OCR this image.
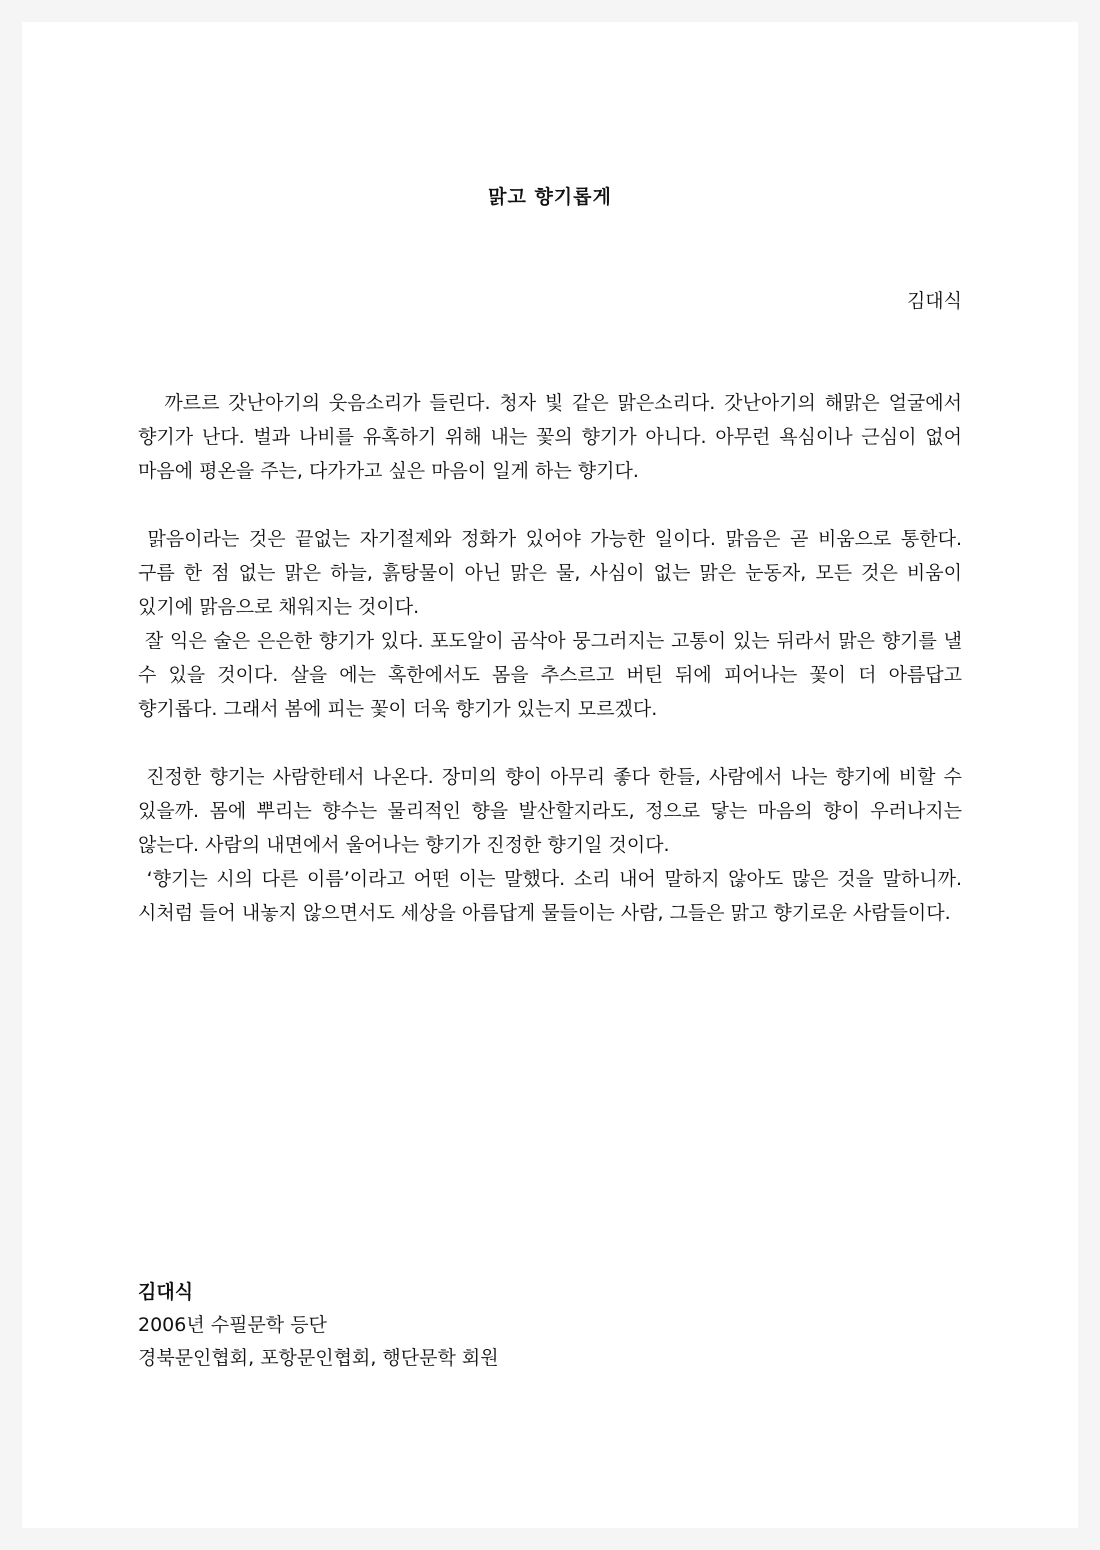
맑고 향기롭게
김대식

까르르 갓난아기의 웃음소리가 들린다. 청자 빛 같은 맑은소리다. 갓난아기의 해맑은 얼굴에서 향기가 난다. 벌과 나비를 유혹하기 위해 내는 꽃의 향기가 아니다. 아무런 욕심이나 근심이 없어 마음에 평온을 주는, 다가가고 싶은 마음이 일게 하는 향기다.

맑음이라는 것은 끝없는 자기절제와 정화가 있어야 가능한 일이다. 맑음은 곧 비움으로 통한다. 구름 한 점 없는 맑은 하늘, 흙탕물이 아닌 맑은 물, 사심이 없는 맑은 눈동자, 모든 것은 비움이 있기에 맑음으로 채워지는 것이다.

잘 익은 술은 은은한 향기가 있다. 포도알이 곰삭아 뭉그러지는 고통이 있는 뒤라서 맑은 향기를 낼 수 있을 것이다. 살을 에는 혹한에서도 몸을 추스르고 버틴 뒤에 피어나는 꽃이 더 아름답고 향기롭다. 그래서 봄에 피는 꽃이 더욱 향기가 있는지 모르겠다.

진정한 향기는 사람한테서 나온다. 장미의 향이 아무리 좋다 한들, 사람에서 나는 향기에 비할 수 있을까. 몸에 뿌리는 향수는 물리적인 향을 발산할지라도, 정으로 닿는 마음의 향이 우러나지는 않는다. 사람의 내면에서 울어나는 향기가 진정한 향기일 것이다.

‘향기는 시의 다른 이름’이라고 어떤 이는 말했다. 소리 내어 말하지 않아도 많은 것을 말하니까. 시처럼 들어 내놓지 않으면서도 세상을 아름답게 물들이는 사람, 그들은 맑고 향기로운 사람들이다.

김대식
2006년 수필문학 등단
경북문인협회, 포항문인협회, 행단문학 회원
